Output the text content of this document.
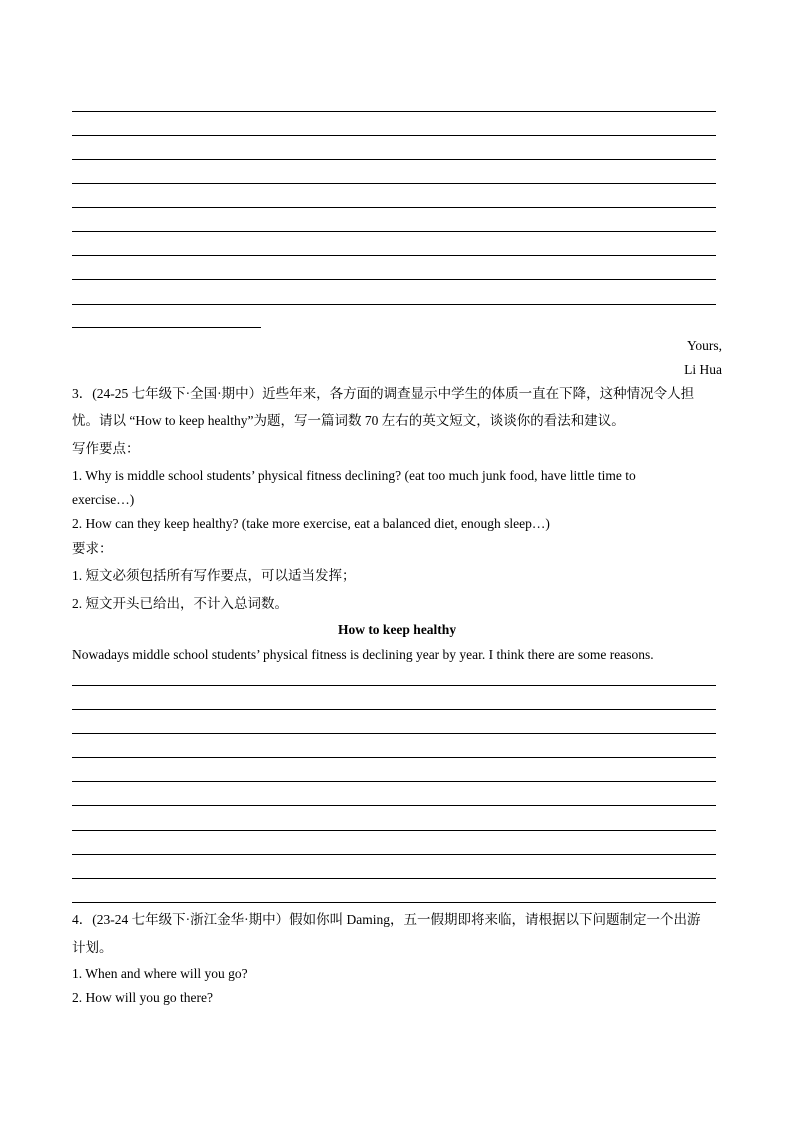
Yours,
Li Hua
3．(24-25 七年级下·全国·期中）近些年来，各方面的调查显示中学生的体质一直在下降，这种情况令人担
忧。请以 “How to keep healthy”为题，写一篇词数 70 左右的英文短文，谈谈你的看法和建议。
写作要点：
1. Why is middle school students’ physical fitness declining? (eat too much junk food, have little time to
exercise…)
2. How can they keep healthy? (take more exercise, eat a balanced diet, enough sleep…)
要求：
1. 短文必须包括所有写作要点，可以适当发挥；
2. 短文开头已给出，不计入总词数。
How to keep healthy
Nowadays middle school students’ physical fitness is declining year by year. I think there are some reasons.
4．(23-24 七年级下·浙江金华·期中）假如你叫 Daming，五一假期即将来临，请根据以下问题制定一个出游
计划。
1. When and where will you go?
2. How will you go there?
